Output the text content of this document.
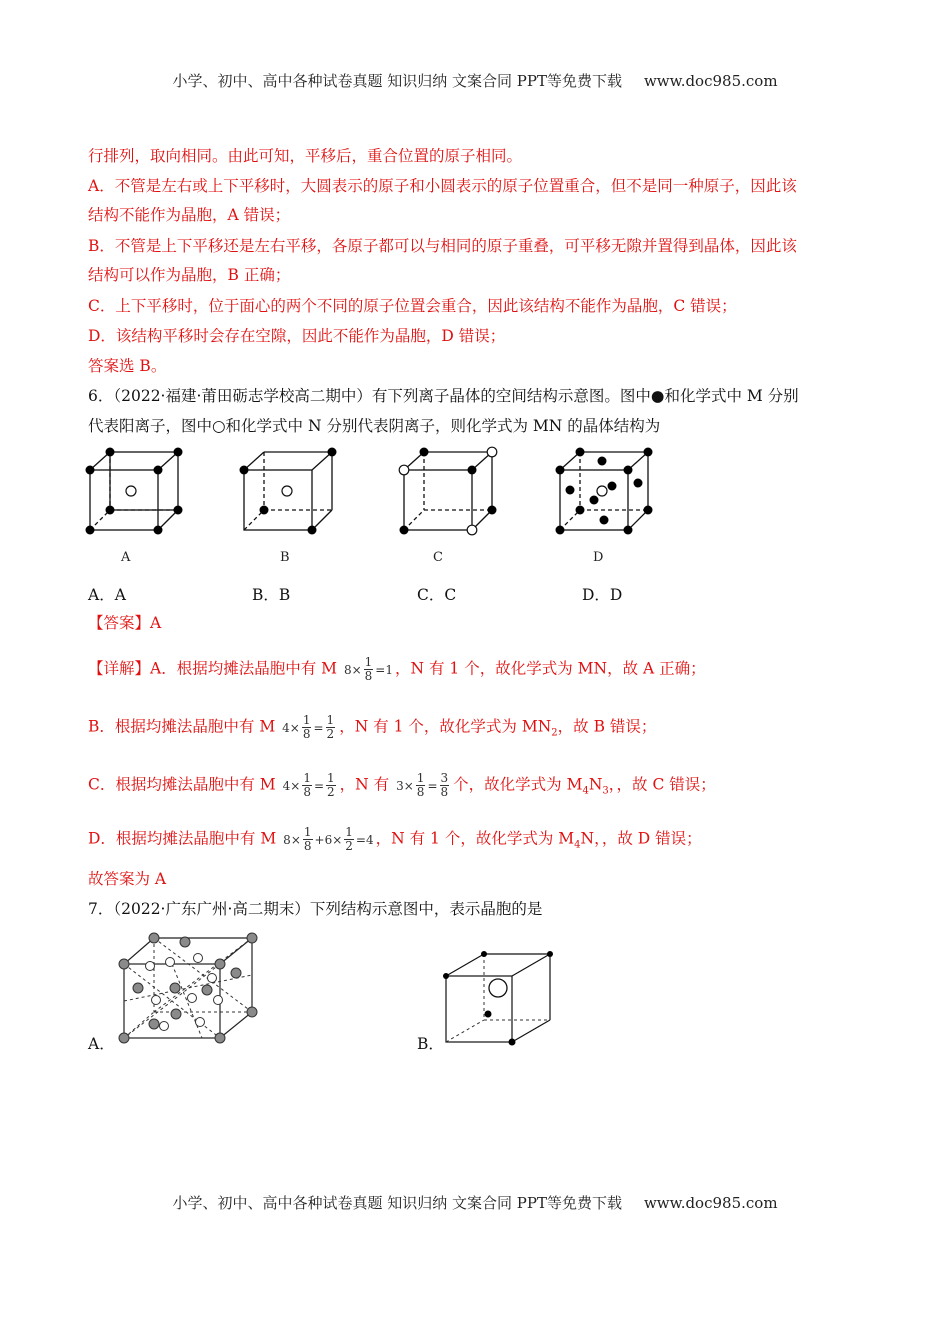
小学、初中、高中各种试卷真题 知识归纳 文案合同 PPT等免费下载 www.doc985.com
行排列，取向相同。由此可知，平移后，重合位置的原子相同。
A．不管是左右或上下平移时，大圆表示的原子和小圆表示的原子位置重合，但不是同一种原子，因此该
结构不能作为晶胞，A 错误；
B．不管是上下平移还是左右平移，各原子都可以与相同的原子重叠，可平移无隙并置得到晶体，因此该
结构可以作为晶胞，B 正确；
C．上下平移时，位于面心的两个不同的原子位置会重合，因此该结构不能作为晶胞，C 错误；
D．该结构平移时会存在空隙，因此不能作为晶胞，D 错误；
答案选 B。
6．（2022·福建·莆田砺志学校高二期中）有下列离子晶体的空间结构示意图。图中●和化学式中 M 分别
代表阳离子，图中○和化学式中 N 分别代表阴离子，则化学式为 MN 的晶体结构为
A	B	C	D
A．A	B．B	C．C	D．D
【答案】A
【详解】A．根据均摊法晶胞中有 M $8 \times \frac{1}{8} = 1$ ，N 有 1 个，故化学式为 MN，故 A 正确；
B．根据均摊法晶胞中有 M $4 \times \frac{1}{8} = \frac{1}{2}$ ，N 有 1 个，故化学式为 $MN_2$，故 B 错误；
C．根据均摊法晶胞中有 M $4 \times \frac{1}{8} = \frac{1}{2}$ ，N 有 $3 \times \frac{1}{8} = \frac{3}{8}$ 个，故化学式为 $M_4N_3$，，故 C 错误；
D．根据均摊法晶胞中有 M $8 \times \frac{1}{8} + 6 \times \frac{1}{2} = 4$ ，N 有 1 个，故化学式为 $M_4N$，，故 D 错误；
故答案为 A
7．（2022·广东广州·高二期末）下列结构示意图中，表示晶胞的是
A．	B．
小学、初中、高中各种试卷真题 知识归纳 文案合同 PPT等免费下载 www.doc985.com
